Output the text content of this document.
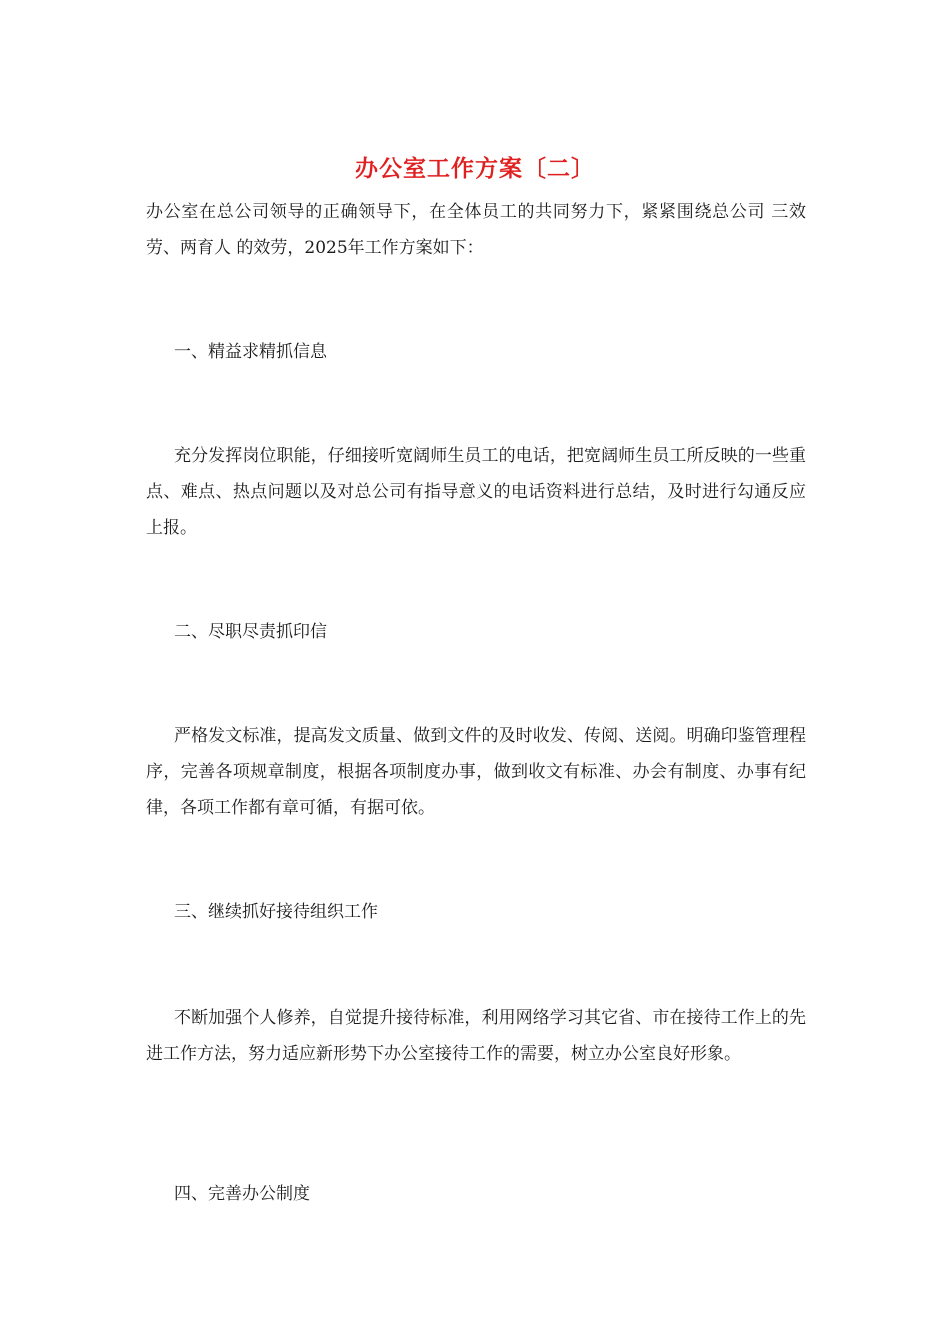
办公室工作方案〔二〕

办公室在总公司领导的正确领导下，在全体员工的共同努力下，紧紧围绕总公司 三效劳、两育人 的效劳，2025年工作方案如下：

一、精益求精抓信息

充分发挥岗位职能，仔细接听宽阔师生员工的电话，把宽阔师生员工所反映的一些重点、难点、热点问题以及对总公司有指导意义的电话资料进行总结，及时进行勾通反应上报。

二、尽职尽责抓印信

严格发文标准，提高发文质量、做到文件的及时收发、传阅、送阅。明确印鉴管理程序，完善各项规章制度，根据各项制度办事，做到收文有标准、办会有制度、办事有纪律，各项工作都有章可循，有据可依。

三、继续抓好接待组织工作

不断加强个人修养，自觉提升接待标准，利用网络学习其它省、市在接待工作上的先进工作方法，努力适应新形势下办公室接待工作的需要，树立办公室良好形象。

四、完善办公制度
